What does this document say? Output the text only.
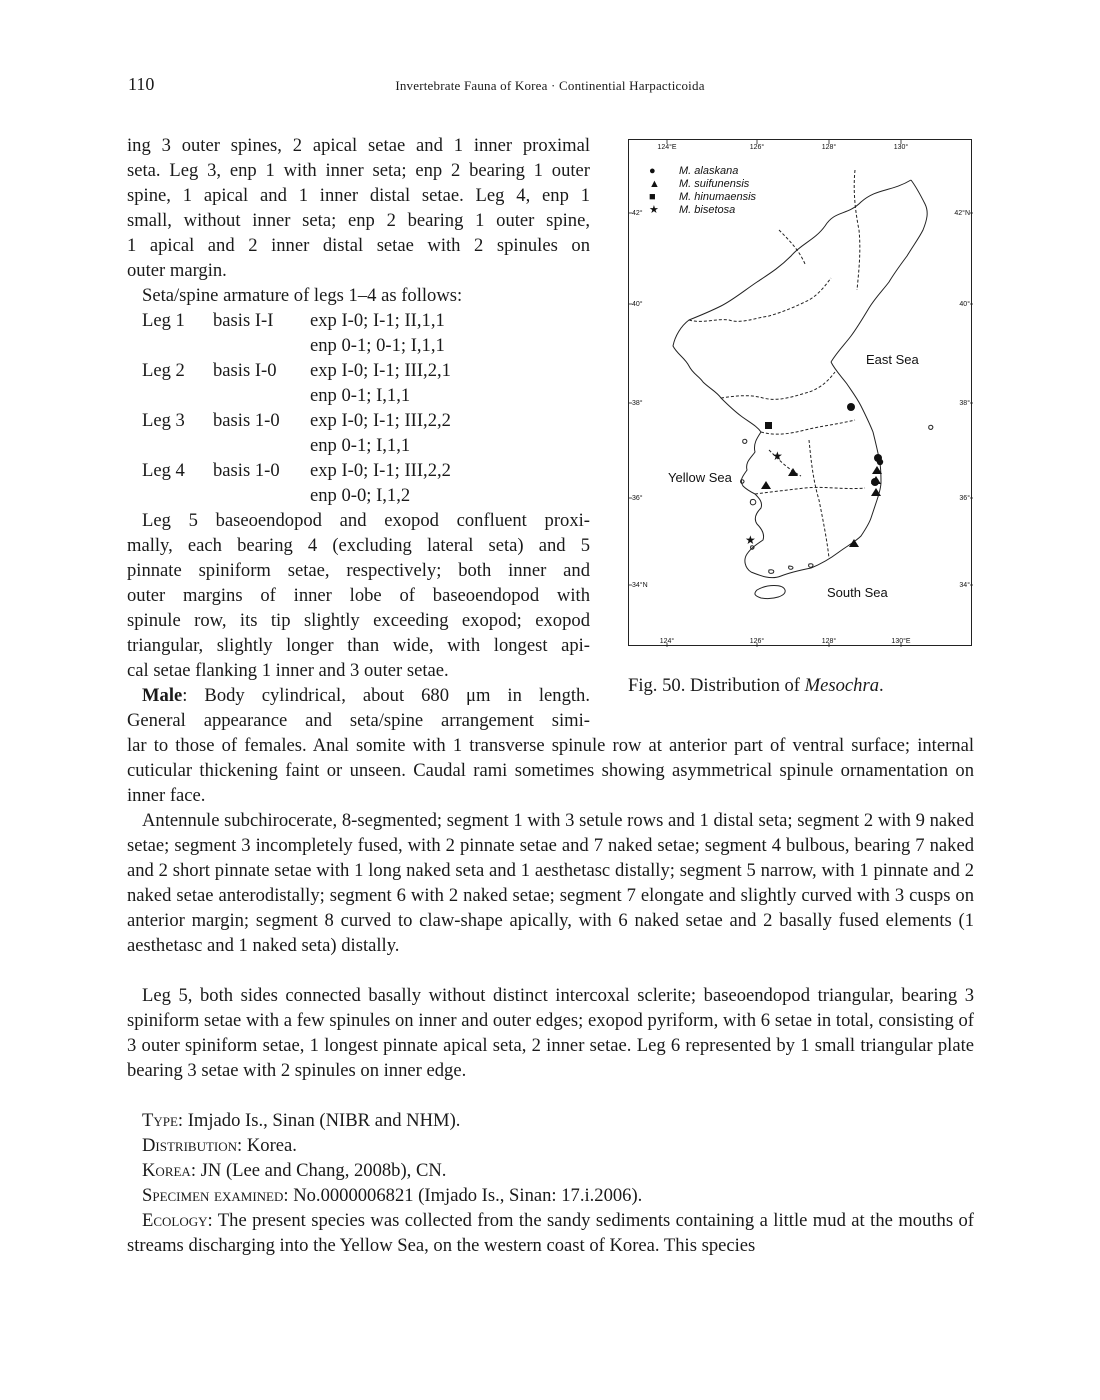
110	Invertebrate Fauna of Korea · Continential Harpacticoida
ing 3 outer spines, 2 apical setae and 1 inner proximal
seta. Leg 3, enp 1 with inner seta; enp 2 bearing 1 outer
spine, 1 apical and 1 inner distal setae. Leg 4, enp 1
small, without inner seta; enp 2 bearing 1 outer spine,
1 apical and 2 inner distal setae with 2 spinules on
outer margin.
Seta/spine armature of legs 1–4 as follows:
Leg 1	basis I-I	exp I-0; I-1; II,1,1
enp 0-1; 0-1; I,1,1
Leg 2	basis I-0	exp I-0; I-1; III,2,1
enp 0-1; I,1,1
Leg 3	basis 1-0	exp I-0; I-1; III,2,2
enp 0-1; I,1,1
Leg 4	basis 1-0	exp I-0; I-1; III,2,2
enp 0-0; I,1,2
Leg 5 baseoendopod and exopod confluent proxi-
mally, each bearing 4 (excluding lateral seta) and 5
pinnate spiniform setae, respectively; both inner and
outer margins of inner lobe of baseoendopod with
spinule row, its tip slightly exceeding exopod; exopod
triangular, slightly longer than wide, with longest api-
cal setae flanking 1 inner and 3 outer setae.
Male: Body cylindrical, about 680 μm in length.
General appearance and seta/spine arrangement simi-
124°E	126°	128°	130°
124°	126°	128°	130°E
42°
40°
38°
36°
34°N
42°N
40°
38°
36°
34°
● M. alaskana
▲ M. suifunensis
■ M. hinumaensis
★ M. bisetosa
East Sea
Yellow Sea
South Sea
★
★
Fig. 50. Distribution of Mesochra.
lar to those of females. Anal somite with 1 transverse spinule row at anterior part of ventral surface; internal cuticular thickening faint or unseen. Caudal rami sometimes showing asymmetrical spinule ornamentation on inner face.
Antennule subchirocerate, 8-segmented; segment 1 with 3 setule rows and 1 distal seta; segment 2 with 9 naked setae; segment 3 incompletely fused, with 2 pinnate setae and 7 naked setae; segment 4 bulbous, bearing 7 naked and 2 short pinnate setae with 1 long naked seta and 1 aesthetasc distally; segment 5 narrow, with 1 pinnate and 2 naked setae anterodistally; segment 6 with 2 naked setae; segment 7 elongate and slightly curved with 3 cusps on anterior margin; segment 8 curved to claw-shape apically, with 6 naked setae and 2 basally fused elements (1 aesthetasc and 1 naked seta) distally.
Leg 5, both sides connected basally without distinct intercoxal sclerite; baseoendopod triangular, bearing 3 spiniform setae with a few spinules on inner and outer edges; exopod pyriform, with 6 setae in total, consisting of 3 outer spiniform setae, 1 longest pinnate apical seta, 2 inner setae. Leg 6 represented by 1 small triangular plate bearing 3 setae with 2 spinules on inner edge.
Type: Imjado Is., Sinan (NIBR and NHM).
Distribution: Korea.
Korea: JN (Lee and Chang, 2008b), CN.
Specimen examined: No.0000006821 (Imjado Is., Sinan: 17.i.2006).
Ecology: The present species was collected from the sandy sediments containing a little mud at the mouths of streams discharging into the Yellow Sea, on the western coast of Korea. This species
